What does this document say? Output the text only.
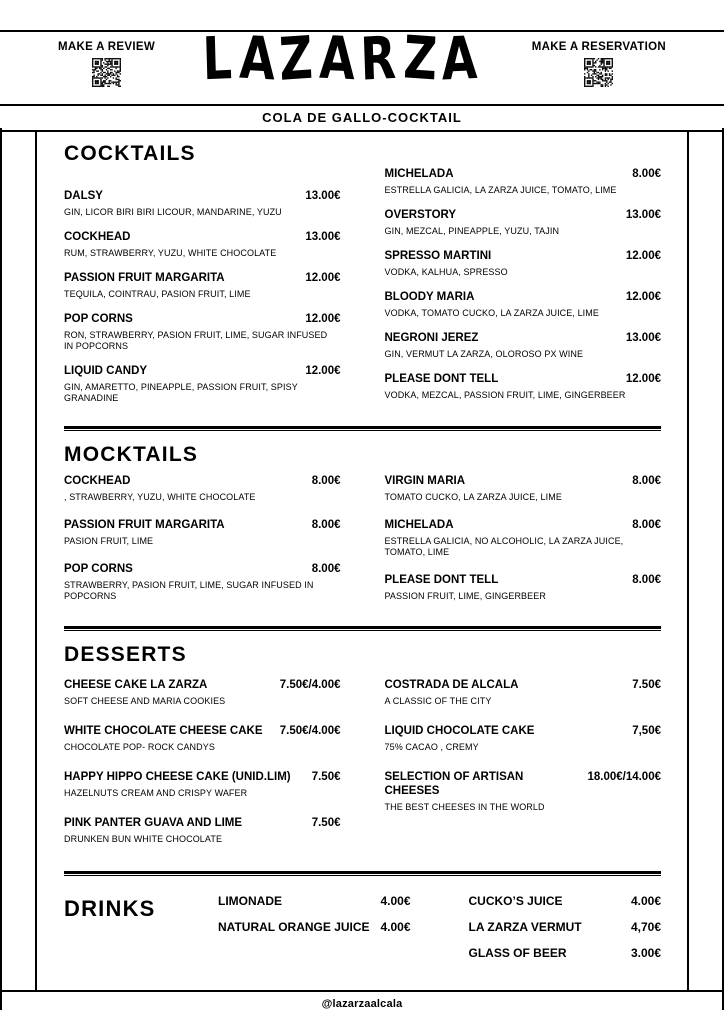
MAKE A REVIEW LAZARZA	MAKE A RESERVATION
COLA DE GALLO-COCKTAIL
COCKTAILS
DALSY	13.00€
GIN, LICOR BIRI BIRI LICOUR, MANDARINE, YUZU
COCKHEAD	13.00€
RUM, STRAWBERRY, YUZU, WHITE CHOCOLATE
PASSION FRUIT MARGARITA	12.00€
TEQUILA, COINTRAU, PASION FRUIT, LIME
POP CORNS	12.00€
RON, STRAWBERRY, PASION FRUIT, LIME, SUGAR INFUSED IN POPCORNS
LIQUID CANDY	12.00€
GIN, AMARETTO, PINEAPPLE, PASSION FRUIT, SPISY GRANADINE
MICHELADA	8.00€
ESTRELLA GALICIA, LA ZARZA JUICE, TOMATO, LIME
OVERSTORY	13.00€
GIN, MEZCAL, PINEAPPLE, YUZU, TAJIN
SPRESSO MARTINI	12.00€
VODKA, KALHUA, SPRESSO
BLOODY MARIA	12.00€
VODKA, TOMATO CUCKO, LA ZARZA JUICE, LIME
NEGRONI JEREZ	13.00€
GIN, VERMUT LA ZARZA, OLOROSO PX WINE
PLEASE DONT TELL	12.00€
VODKA, MEZCAL, PASSION FRUIT, LIME, GINGERBEER
MOCKTAILS
COCKHEAD	8.00€
, STRAWBERRY, YUZU, WHITE CHOCOLATE
PASSION FRUIT MARGARITA	8.00€
PASION FRUIT, LIME
POP CORNS	8.00€
STRAWBERRY, PASION FRUIT, LIME, SUGAR INFUSED IN POPCORNS
VIRGIN MARIA	8.00€
TOMATO CUCKO, LA ZARZA JUICE, LIME
MICHELADA	8.00€
ESTRELLA GALICIA, NO ALCOHOLIC, LA ZARZA JUICE, TOMATO, LIME
PLEASE DONT TELL	8.00€
PASSION FRUIT, LIME, GINGERBEER
DESSERTS
CHEESE CAKE LA ZARZA	7.50€/4.00€
SOFT CHEESE AND MARIA COOKIES
WHITE CHOCOLATE CHEESE CAKE 7.50€/4.00€
CHOCOLATE POP- ROCK CANDYS
HAPPY HIPPO CHEESE CAKE (UNID.LIM) 7.50€
HAZELNUTS CREAM AND CRISPY WAFER
PINK PANTER GUAVA AND LIME	7.50€
DRUNKEN BUN WHITE CHOCOLATE
COSTRADA DE ALCALA	7.50€
A CLASSIC OF THE CITY
LIQUID CHOCOLATE CAKE	7,50€
75% CACAO , CREMY
SELECTION OF ARTISAN CHEESES
18.00€/14.00€
THE BEST CHEESES IN THE WORLD
DRINKS	LIMONADE	4.00€
NATURAL ORANGE JUICE 4.00€
CUCKO’S JUICE	4.00€
LA ZARZA VERMUT	4,70€
GLASS OF BEER	3.00€
@lazarzaalcala
